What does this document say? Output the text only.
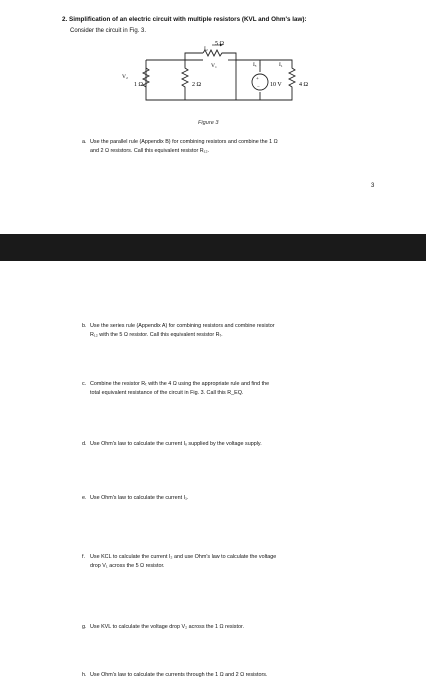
2. Simplification of an electric circuit with multiple resistors (KVL and Ohm's law):
Consider the circuit in Fig. 3.
+
−
5 Ω
I₂
V₁
V₂
1 Ω	2 Ω
Iₓ	I₁
10 V	4 Ω
Figure 3
a. Use the parallel rule (Appendix B) for combining resistors and combine the 1 Ω
and 2 Ω resistors. Call this equivalent resistor R₁₂.
3
b. Use the series rule (Appendix A) for combining resistors and combine resistor
R₁₂ with the 5 Ω resistor. Call this equivalent resistor Rₜ.
c. Combine the resistor Rₜ with the 4 Ω using the appropriate rule and find the
total equivalent resistance of the circuit in Fig. 3. Call this R_EQ.
d. Use Ohm's law to calculate the current Iₓ supplied by the voltage supply.
e. Use Ohm's law to calculate the current I₁.
f. Use KCL to calculate the current I₂ and use Ohm's law to calculate the voltage
drop V₁ across the 5 Ω resistor.
g. Use KVL to calculate the voltage drop V₂ across the 1 Ω resistor.
h. Use Ohm's law to calculate the currents through the 1 Ω and 2 Ω resistors.
